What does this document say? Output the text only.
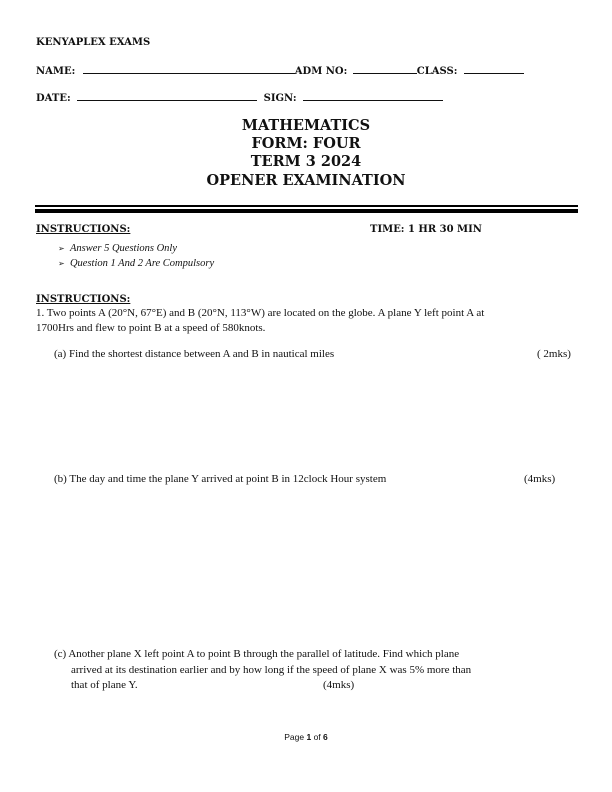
KENYAPLEX EXAMS
NAME:	ADM NO:	CLASS:
DATE:	SIGN:
MATHEMATICS
FORM: FOUR
TERM 3 2024
OPENER EXAMINATION
INSTRUCTIONS:	TIME: 1 HR 30 MIN
➢ Answer 5 Questions Only
➢ Question 1 And 2 Are Compulsory
INSTRUCTIONS:
1. Two points A (20°N, 67°E) and B (20°N, 113°W) are located on the globe. A plane Y left point A at
1700Hrs and flew to point B at a speed of 580knots.
(a) Find the shortest distance between A and B in nautical miles	( 2mks)
(b) The day and time the plane Y arrived at point B in 12clock Hour system	(4mks)
(c) Another plane X left point A to point B through the parallel of latitude. Find which plane
arrived at its destination earlier and by how long if the speed of plane X was 5% more than
that of plane Y.	(4mks)
Page 1 of 6
